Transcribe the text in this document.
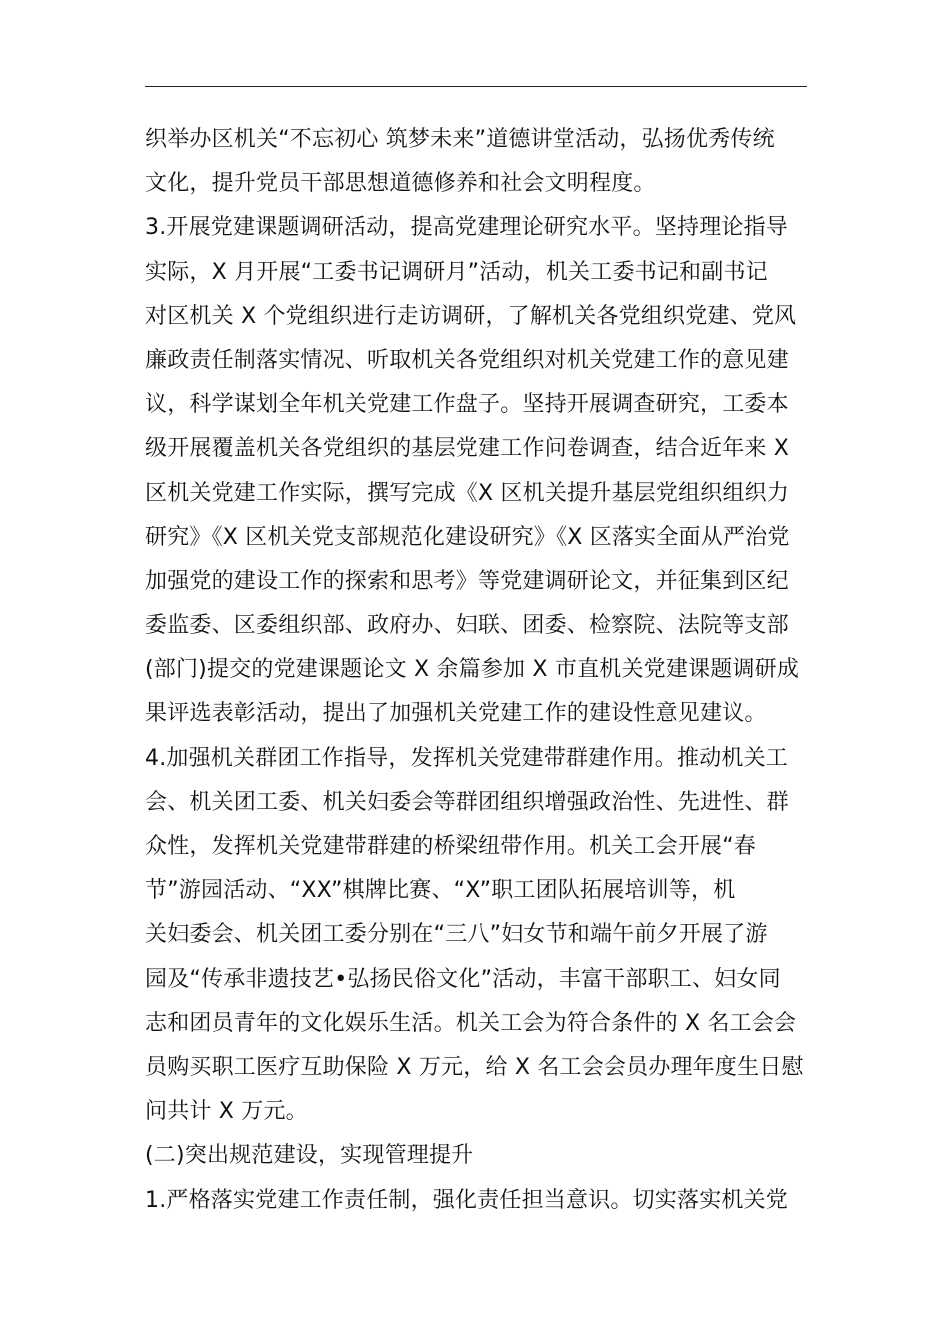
织举办区机关“不忘初心 筑梦未来”道德讲堂活动，弘扬优秀传统
文化，提升党员干部思想道德修养和社会文明程度。
3.开展党建课题调研活动，提高党建理论研究水平。坚持理论指导
实际，X 月开展“工委书记调研月”活动，机关工委书记和副书记
对区机关 X 个党组织进行走访调研，了解机关各党组织党建、党风
廉政责任制落实情况、听取机关各党组织对机关党建工作的意见建
议，科学谋划全年机关党建工作盘子。坚持开展调查研究，工委本
级开展覆盖机关各党组织的基层党建工作问卷调查，结合近年来 X
区机关党建工作实际，撰写完成《X 区机关提升基层党组织组织力
研究》《X 区机关党支部规范化建设研究》《X 区落实全面从严治党
加强党的建设工作的探索和思考》等党建调研论文，并征集到区纪
委监委、区委组织部、政府办、妇联、团委、检察院、法院等支部
(部门)提交的党建课题论文 X 余篇参加 X 市直机关党建课题调研成
果评选表彰活动，提出了加强机关党建工作的建设性意见建议。
4.加强机关群团工作指导，发挥机关党建带群建作用。推动机关工
会、机关团工委、机关妇委会等群团组织增强政治性、先进性、群
众性，发挥机关党建带群建的桥梁纽带作用。机关工会开展“春
节”游园活动、“XX”棋牌比赛、“X”职工团队拓展培训等，机
关妇委会、机关团工委分别在“三八”妇女节和端午前夕开展了游
园及“传承非遗技艺•弘扬民俗文化”活动，丰富干部职工、妇女同
志和团员青年的文化娱乐生活。机关工会为符合条件的 X 名工会会
员购买职工医疗互助保险 X 万元，给 X 名工会会员办理年度生日慰
问共计 X 万元。
(二)突出规范建设，实现管理提升
1.严格落实党建工作责任制，强化责任担当意识。切实落实机关党
